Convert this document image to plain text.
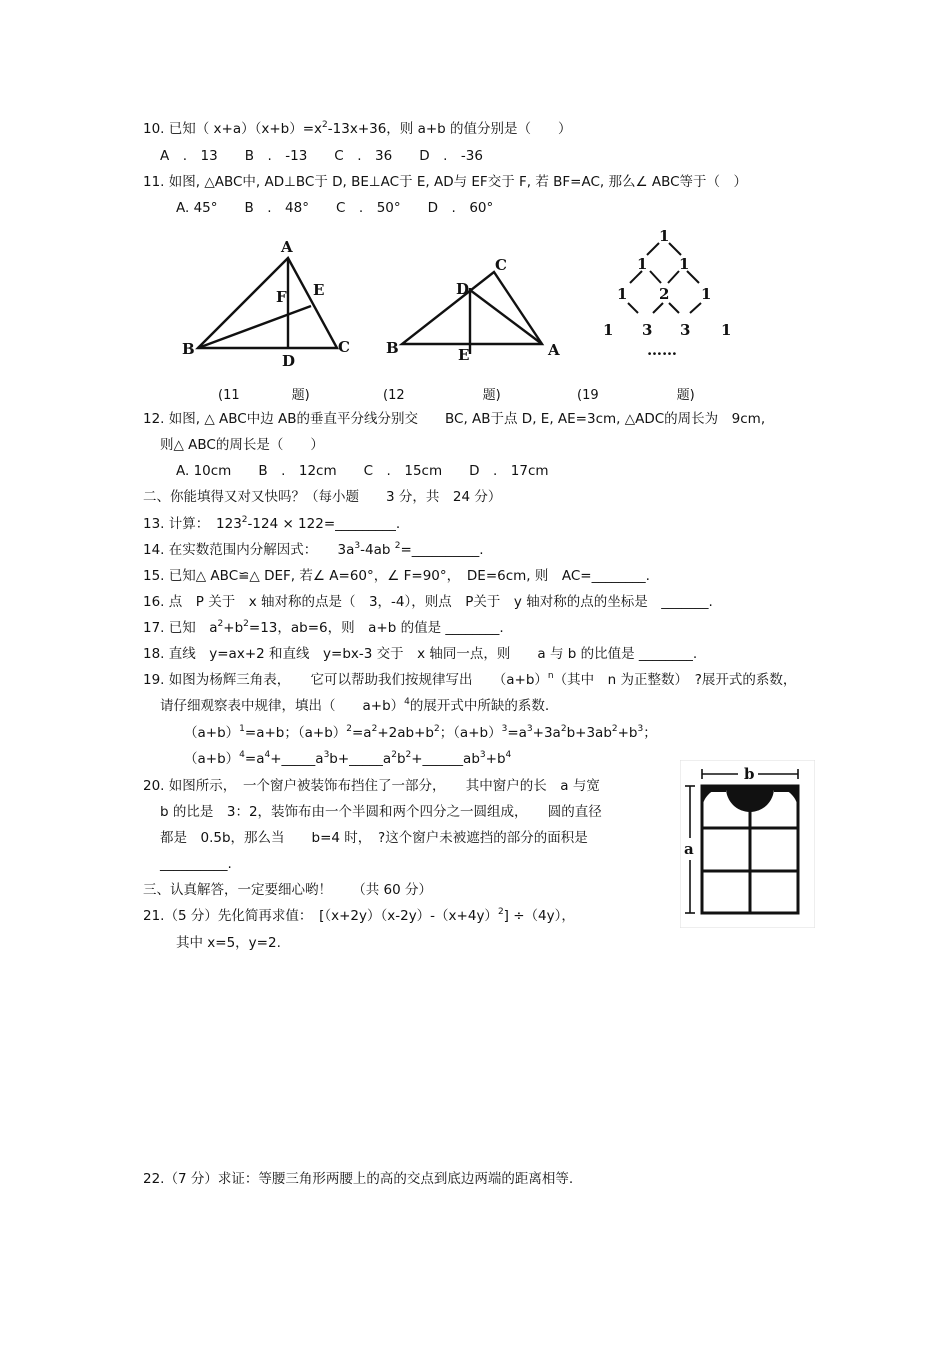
10. 已知（ $x+a)(x+b)=x^2-13x+36$，则 a+b 的值分别是（　　）
A　.　13　　B　.　-13　　C　.　36　　D　.　-36
11. 如图, △ABC中, AD⊥BC于 D, BE⊥AC于 E, AD与 EF交于 F, 若 BF=AC, 那么∠ ABC等于（　）
A. 45°　　B　.　48°　　C　.　50°　　D　.　60°
A
B	C
D
E
F
B	A
C
D
E
1
1 1
1 2 1
1 3 3 1
……
(11　　　　题)	(12　　　　　　题)	(19　　　　　　题)
12. 如图, △ ABC中边 AB的垂直平分线分别交　　BC, AB于点 D, E, AE=3cm, △ADC的周长为　9cm,
则△ ABC的周长是（　　）
A. 10cm　　B　.　12cm　　C　.　15cm　　D　.　17cm
二、你能填得又对又快吗？（每小题　　3 分，共　24 分）
13. 计算：　$123^2-124$ × 122=_________.
14. 在实数范围内分解因式：　　$3a^3-4ab$ $^2$=__________.
15. 已知△ ABC≌△ DEF, 若∠ A=60°，∠ F=90°，　DE=6cm, 则　AC=________.
16. 点　P 关于　x 轴对称的点是（　3，-4），则点　P关于　y 轴对称的点的坐标是　_______.
17. 已知　$a^2+b^2=13$，ab=6，则　a+b 的值是 ________.
18. 直线　y=ax+2 和直线　y=bx-3 交于　x 轴同一点，则　　a 与 b 的比值是 ________.
19. 如图为杨辉三角表，　　它可以帮助我们按规律写出　　$(a+b)^n$（其中　n 为正整数）　?展开式的系数，
请仔细观察表中规律，填出（　　a+b）$^4$的展开式中所缺的系数.
$(a+b)^1=a+b$；$(a+b)^2=a^2+2ab+b^2$；$(a+b)^3=a^3+3a^2b+3ab^2+b^3$；
$(a+b)^4=a^4+\_\_\_\_\_a^3b+\_\_\_\_\_a^2b^2+\_\_\_\_\_\_ab^3+b^4$
20. 如图所示，　一个窗户被装饰布挡住了一部分，　　其中窗户的长　a 与宽
b 的比是　3：2，装饰布由一个半圆和两个四分之一圆组成，　　圆的直径
都是　0.5b，那么当　　b=4 时，　?这个窗户未被遮挡的部分的面积是
__________.
b
a
三、认真解答，一定要细心哟！　　（共 60 分）
21.（5 分）先化简再求值：　$[(x+2y)(x-2y)-(x+4y)^2] \div(4y)$，
其中 x=5，y=2.
22.（7 分）求证：等腰三角形两腰上的高的交点到底边两端的距离相等.
